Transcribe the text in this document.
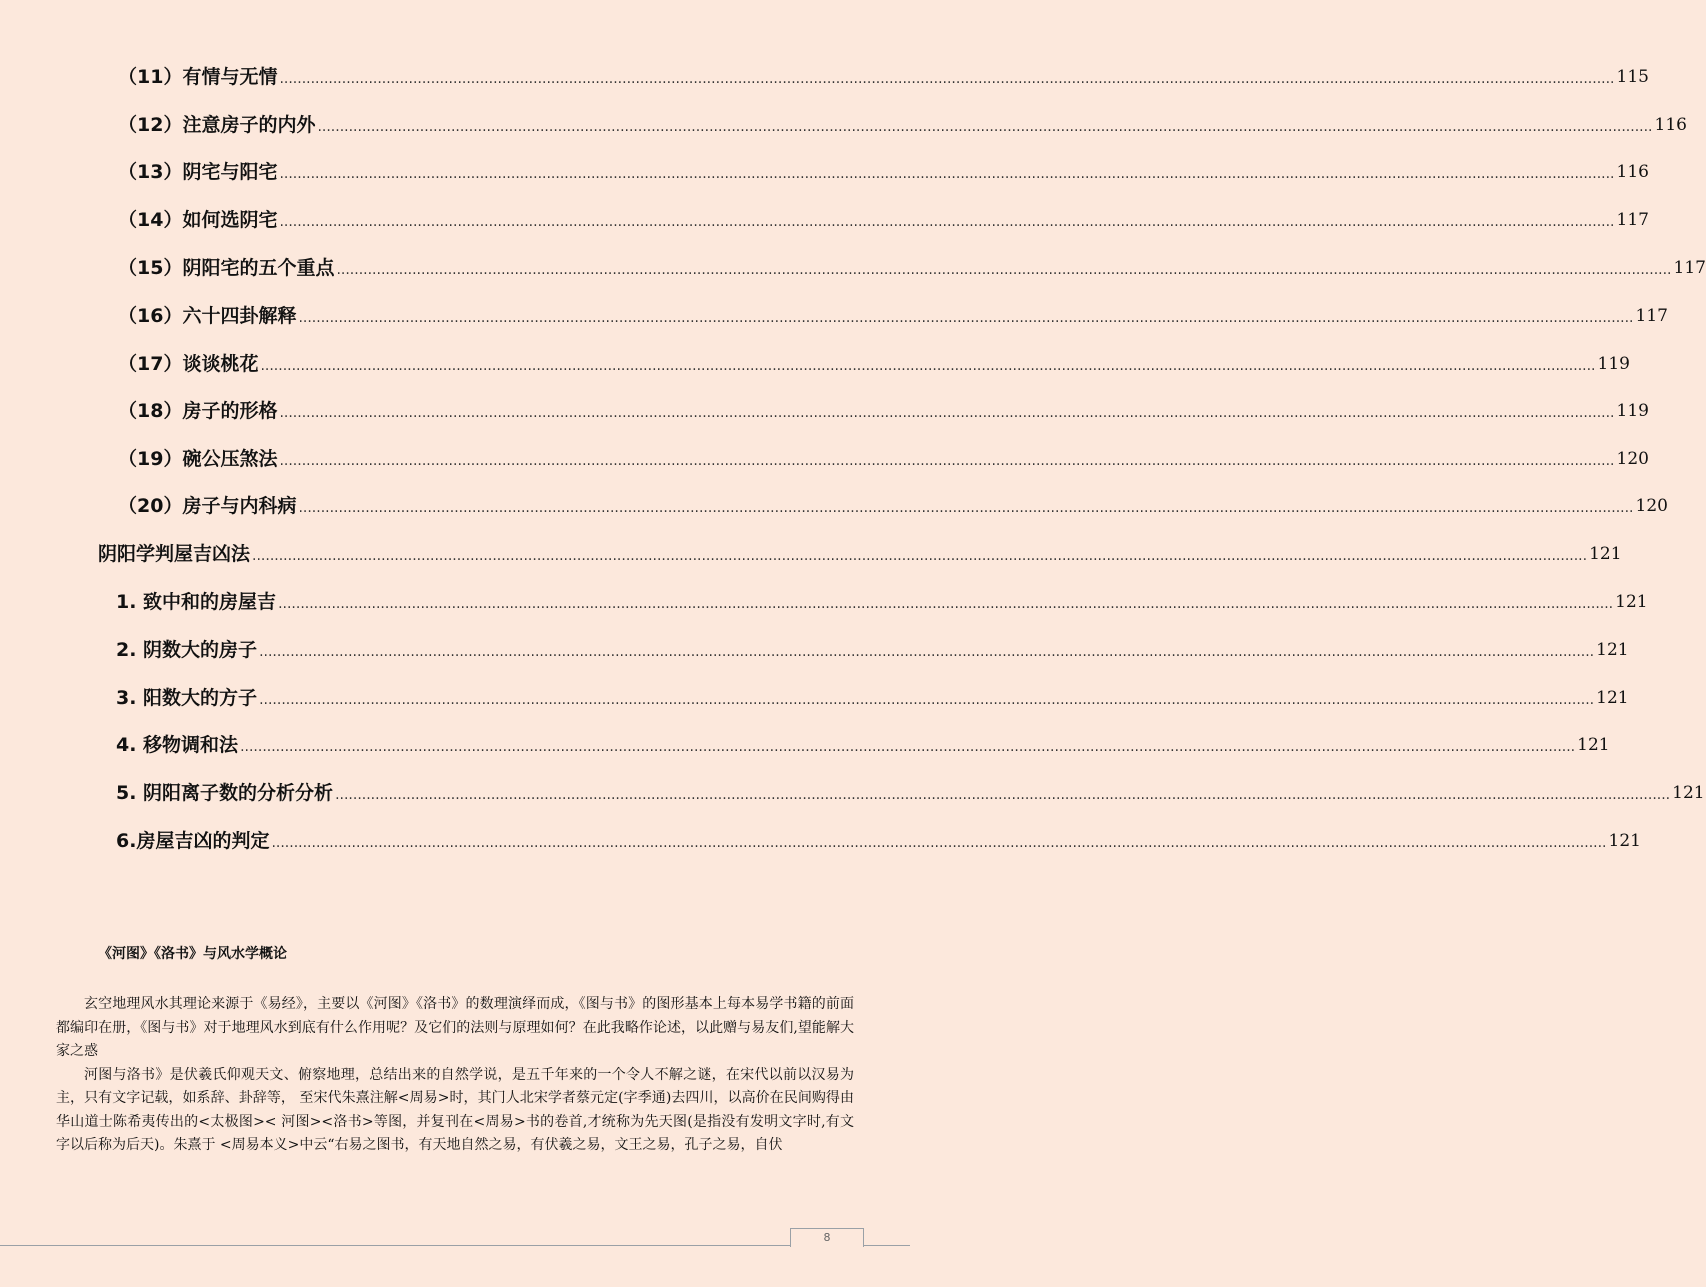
（11）有情与无情 ............................................................................................................................................................................................................................................................................................................ 115
（12）注意房子的内外 ............................................................................................................................................................................................................................................................................................................ 116
（13）阴宅与阳宅 ............................................................................................................................................................................................................................................................................................................ 116
（14）如何选阴宅 ............................................................................................................................................................................................................................................................................................................ 117
（15）阴阳宅的五个重点 ............................................................................................................................................................................................................................................................................................................ 117
（16）六十四卦解释 ............................................................................................................................................................................................................................................................................................................ 117
（17）谈谈桃花 ............................................................................................................................................................................................................................................................................................................ 119
（18）房子的形格 ............................................................................................................................................................................................................................................................................................................ 119
（19）碗公压煞法 ............................................................................................................................................................................................................................................................................................................ 120
（20）房子与内科病 ............................................................................................................................................................................................................................................................................................................ 120
阴阳学判屋吉凶法 ............................................................................................................................................................................................................................................................................................................ 121
1. 致中和的房屋吉 ............................................................................................................................................................................................................................................................................................................ 121
2. 阴数大的房子 ............................................................................................................................................................................................................................................................................................................ 121
3. 阳数大的方子 ............................................................................................................................................................................................................................................................................................................ 121
4. 移物调和法 ............................................................................................................................................................................................................................................................................................................ 121
5. 阴阳离子数的分析分析 ............................................................................................................................................................................................................................................................................................................ 121
6.房屋吉凶的判定 ............................................................................................................................................................................................................................................................................................................ 121
《河图》《洛书》与风水学概论

玄空地理风水其理论来源于《易经》，主要以《河图》《洛书》的数理演绎而成，《图与书》的图形基本上每本易学书籍的前面都编印在册，《图与书》对于地理风水到底有什么作用呢？及它们的法则与原理如何？在此我略作论述，以此赠与易友们,望能解大家之惑

河图与洛书》是伏羲氏仰观天文、俯察地理，总结出来的自然学说，是五千年来的一个令人不解之谜，在宋代以前以汉易为主，只有文字记载，如系辞、卦辞等， 至宋代朱熹注解<周易>时，其门人北宋学者蔡元定(字季通)去四川，以高价在民间购得由华山道士陈希夷传出的<太极图>< 河图><洛书>等图，并复刊在<周易>书的卷首,才统称为先天图(是指没有发明文字时,有文字以后称为后天)。朱熹于 <周易本义>中云“右易之图书，有天地自然之易，有伏羲之易，文王之易，孔子之易，自伏

8
